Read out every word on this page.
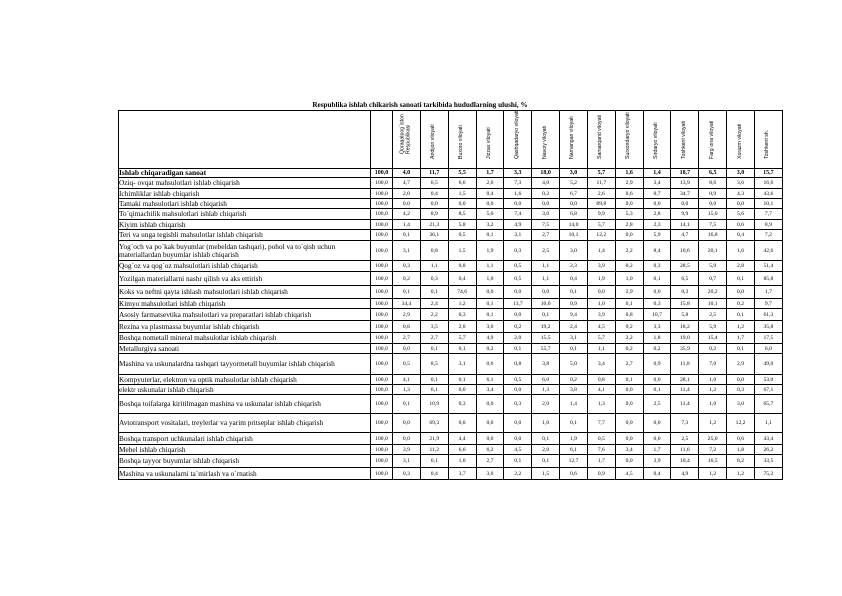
Respublika ishlab chikarish sanoati tarkibida hududlarning ulushi, %

		Qoraqalpog`iston Respublikasi	Andijon viloyati	Buxoro viloyati	Jizzax viloyati	Qashqadaryo viloyati	Navoiy viloyati	Namangan viloyati	Samarqand viloyati	Surxondaryo viloyati	Sirdaryo viloyati	Toshkent viloyati	Farg`ona viloyati	Xorazm viloyati	Toshkent sh.

Ishlab chiqaradigan sanoat	100,0	4,0	11,7	5,5	1,7	3,3	18,0	3,0	5,7	1,6	1,4	18,7	6,5	3,0	15,7
Oziq- ovqat mahsulotlari ishlab chiqarish	100,0	4,7	6,5	6,6	2,6	7,3	4,0	5,2	11,7	2,9	3,4	13,9	8,6	3,6	16,6
Ichimliklar ishlab chiqarish	100,0	2,0	0,4	1,5	0,4	1,6	0,2	6,7	2,6	0,6	0,7	34,7	0,9	4,3	43,6
Tamaki mahsulotlari ishlab chiqarish	100,0	0,0	0,0	0,0	0,0	0,0	0,0	0,0	89,8	0,0	0,0	0,0	0,0	0,0	10,1
To`qimachilik mahsulotlari ishlab chiqarish	100,0	4,2	8,9	8,5	5,0	7,4	3,0	6,8	9,9	5,3	2,8	9,9	15,0	5,6	7,7
Kiyim ishlab chiqarish	100,0	1,4	21,3	5,8	3,2	4,9	7,5	14,0	5,7	2,8	2,3	14,1	7,5	0,6	8,9
Teri va unga tegishli mahsulotlar ishlab chiqarish	100,0	0,1	36,1	0,5	0,1	3,1	2,7	10,1	12,2	0,0	5,9	4,7	16,8	0,4	7,2
Yog`och va po`kak buyumlar (mebeldan tashqari), pohol va to`qish uchun materiallardan buyumlar ishlab chiqarish	100,0	3,1	0,8	1,5	1,9	0,3	2,5	3,0	1,4	2,2	8,4	10,6	20,1	1,6	42,6
Qog`oz va qog`oz mahsulotlari ishlab chiqarish	100,0	0,3	1,1	0,8	1,1	0,5	1,1	2,3	3,9	0,2	0,3	28,5	5,9	2,8	51,4
Yozilgan materiallarni nashr qilish va aks ettirish	100,0	0,2	0,3	0,4	1,0	0,5	1,1	0,4	1,9	1,0	0,1	6,5	0,7	0,1	85,8
Koks va neftni qayta ishlash mahsulotlari ishlab chiqarish	100,0	0,1	0,1	74,6	0,0	0,0	0,0	0,1	0,0	2,9	0,0	0,3	20,2	0,0	1,7
Kimyo mahsulotlari ishlab chiqarish	100,0	34,4	2,4	1,2	0,1	13,7	10,0	0,9	1,0	0,1	0,3	15,8	10,1	0,2	9,7
Asosiy farmatsevtika mahsulotlari va preparatlari ishlab chiqarish	100,0	2,9	2,2	0,3	0,1	0,0	0,1	9,4	3,9	0,8	10,7	5,8	2,5	0,1	61,3
Rezina va plastmassa buyumlar ishlab chiqarish	100,0	0,8	3,5	2,0	3,0	0,2	19,2	2,4	4,5	0,2	3,3	18,2	5,9	1,2	35,8
Boshqa nometall mineral mahsulotlar ishlab chiqarish	100,0	2,7	2,7	5,7	4,9	2,0	15,5	3,1	5,7	2,2	1,8	19,0	15,4	1,7	17,5
Metallurgiya sanoati	100,0	0,0	0,1	0,1	0,2	0,1	55,7	0,1	1,1	0,2	0,2	35,9	0,2	0,1	6,0
Mashina va uskunalardna tashqari tayyormetall buyumlar ishlab chiqarish	100,0	0,5	8,5	3,1	0,6	0,8	3,8	5,0	3,4	2,7	0,9	11,8	7,0	2,9	49,0
Kompyuterlar, elektron va optik mahsulotlar ishlab chiqarish	100,0	4,1	0,1	0,1	6,1	0,5	6,0	0,2	0,8	0,1	0,0	28,1	1,0	0,0	53,0
elektr uskunalar ishlab chiqarish	100,0	1,3	6,1	0,0	3,4	0,0	1,3	3,8	4,1	0,0	0,1	11,4	1,2	0,3	67,1
Boshqa toifalarga kiritilmagan mashina va uskunalar ishlab chiqarish	100,0	0,1	10,9	0,3	0,0	0,3	2,0	1,4	1,3	0,0	2,5	11,4	1,0	3,0	65,7
Avtotransport vositalari, treylerlar va yarim pritseplar ishlab chiqarish	100,0	0,0	69,3	0,0	0,0	0,0	1,0	0,1	7,7	0,0	0,0	7,3	1,2	12,2	1,1
Boshqa transport uchkunalari ishlab chiqarish	100,0	0,0	21,9	4,4	0,0	0,0	0,1	1,9	0,5	0,0	0,0	2,5	25,0	0,6	43,4
Mebel ishlab chiqarish	100,0	3,9	11,2	6,6	6,2	4,5	2,0	6,1	7,6	3,4	1,7	11,6	7,2	1,8	26,2
Boshqa tayyor buyumlar ishlab chiqarish	100,0	3,1	6,1	1,0	2,7	0,1	0,1	12,7	1,7	0,0	3,9	10,4	16,5	8,2	33,5
Mashina va uskunalarni ta`mirlash va o`rnatish	100,0	0,3	0,4	3,7	3,0	2,2	1,5	0,6	0,9	4,5	0,4	4,9	1,2	1,2	75,2
